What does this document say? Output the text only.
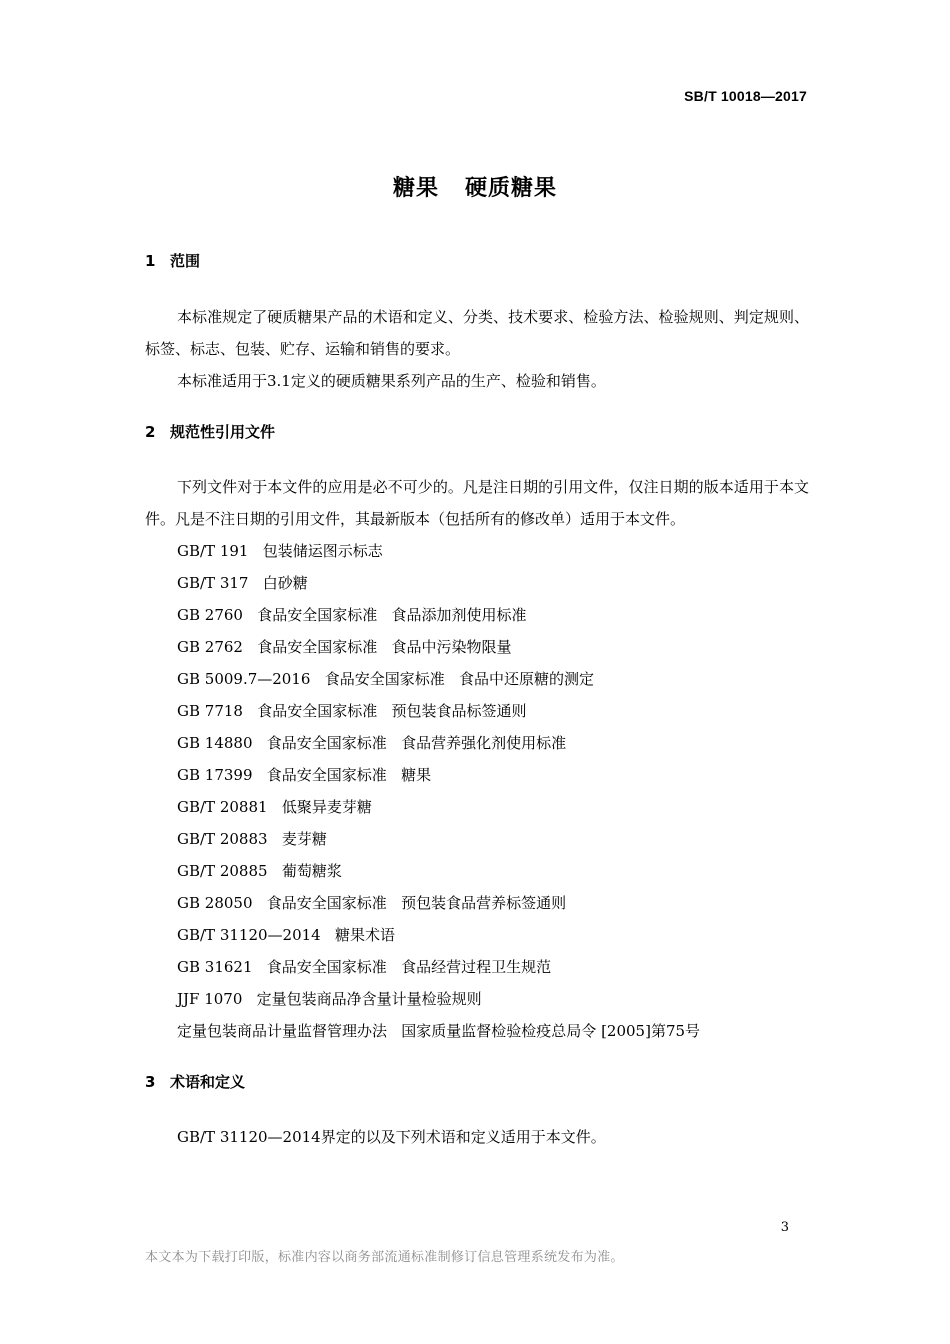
SB/T 10018—2017
糖果   硬质糖果
1 范围

本标准规定了硬质糖果产品的术语和定义、分类、技术要求、检验方法、检验规则、判定规则、标签、标志、包装、贮存、运输和销售的要求。

本标准适用于3.1定义的硬质糖果系列产品的生产、检验和销售。

2 规范性引用文件

下列文件对于本文件的应用是必不可少的。凡是注日期的引用文件，仅注日期的版本适用于本文件。凡是不注日期的引用文件，其最新版本（包括所有的修改单）适用于本文件。

GB/T 191   包装储运图示标志
GB/T 317   白砂糖
GB 2760   食品安全国家标准   食品添加剂使用标准
GB 2762   食品安全国家标准   食品中污染物限量
GB 5009.7—2016   食品安全国家标准   食品中还原糖的测定
GB 7718   食品安全国家标准   预包装食品标签通则
GB 14880   食品安全国家标准   食品营养强化剂使用标准
GB 17399   食品安全国家标准   糖果
GB/T 20881   低聚异麦芽糖
GB/T 20883   麦芽糖
GB/T 20885   葡萄糖浆
GB 28050   食品安全国家标准   预包装食品营养标签通则
GB/T 31120—2014   糖果术语
GB 31621   食品安全国家标准   食品经营过程卫生规范
JJF 1070   定量包装商品净含量计量检验规则
定量包装商品计量监督管理办法   国家质量监督检验检疫总局令 [2005]第75号
3 术语和定义

GB/T 31120—2014界定的以及下列术语和定义适用于本文件。

3
本文本为下载打印版，标准内容以商务部流通标准制修订信息管理系统发布为准。
